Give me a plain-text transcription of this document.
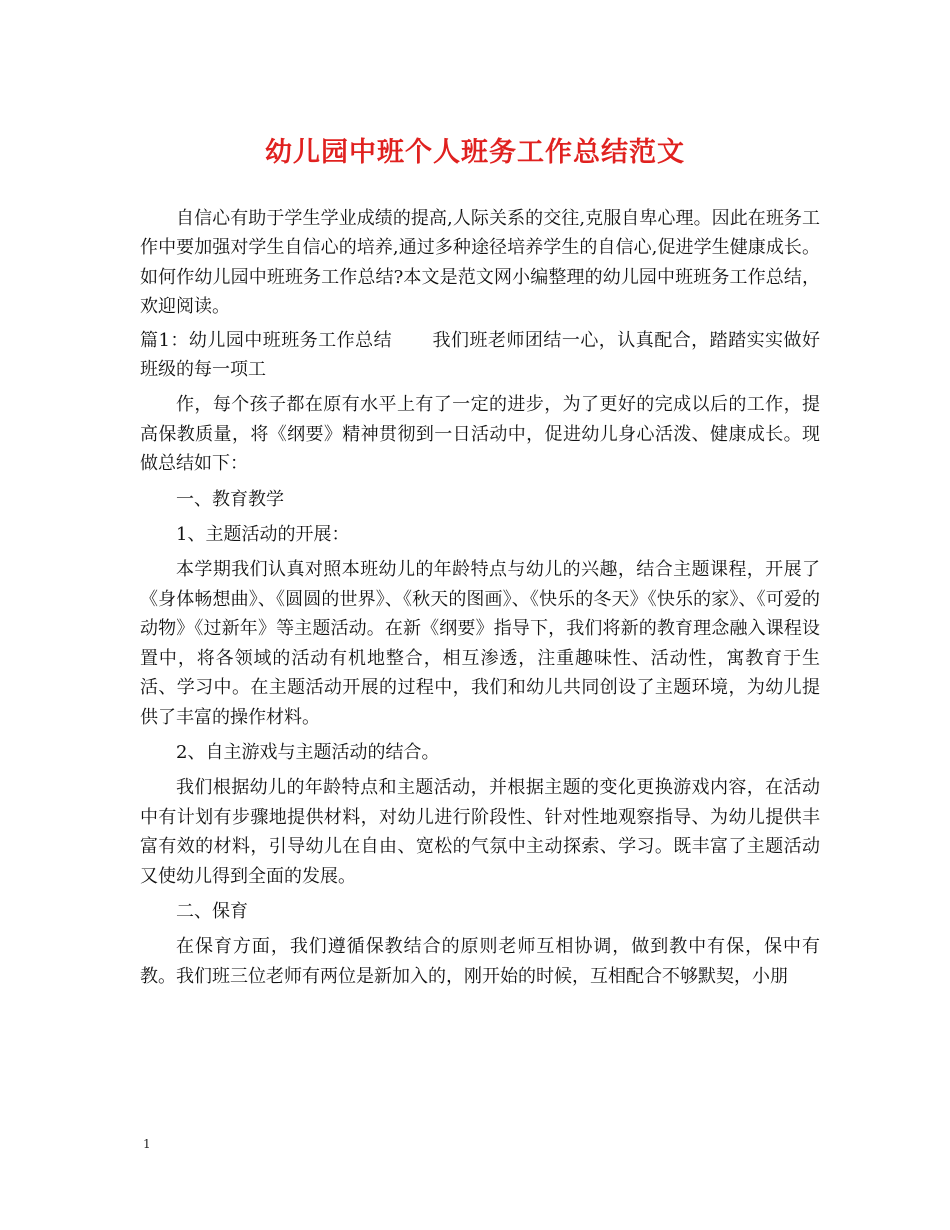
幼儿园中班个人班务工作总结范文

自信心有助于学生学业成绩的提高,人际关系的交往,克服自卑心理。因此在班务工作中要加强对学生自信心的培养,通过多种途径培养学生的自信心,促进学生健康成长。如何作幼儿园中班班务工作总结?本文是范文网小编整理的幼儿园中班班务工作总结，欢迎阅读。

篇1：幼儿园中班班务工作总结 我们班老师团结一心，认真配合，踏踏实实做好班级的每一项工

作，每个孩子都在原有水平上有了一定的进步，为了更好的完成以后的工作，提高保教质量，将《纲要》精神贯彻到一日活动中，促进幼儿身心活泼、健康成长。现做总结如下：

一、教育教学

1、主题活动的开展：

本学期我们认真对照本班幼儿的年龄特点与幼儿的兴趣，结合主题课程，开展了《身体畅想曲》、《圆圆的世界》、《秋天的图画》、《快乐的冬天》《快乐的家》、《可爱的动物》《过新年》等主题活动。在新《纲要》指导下，我们将新的教育理念融入课程设置中，将各领域的活动有机地整合，相互渗透，注重趣味性、活动性，寓教育于生活、学习中。在主题活动开展的过程中，我们和幼儿共同创设了主题环境，为幼儿提供了丰富的操作材料。

2、自主游戏与主题活动的结合。

我们根据幼儿的年龄特点和主题活动，并根据主题的变化更换游戏内容，在活动中有计划有步骤地提供材料，对幼儿进行阶段性、针对性地观察指导、为幼儿提供丰富有效的材料，引导幼儿在自由、宽松的气氛中主动探索、学习。既丰富了主题活动又使幼儿得到全面的发展。

二、保育

在保育方面，我们遵循保教结合的原则老师互相协调，做到教中有保，保中有教。我们班三位老师有两位是新加入的，刚开始的时候，互相配合不够默契，小朋

1
